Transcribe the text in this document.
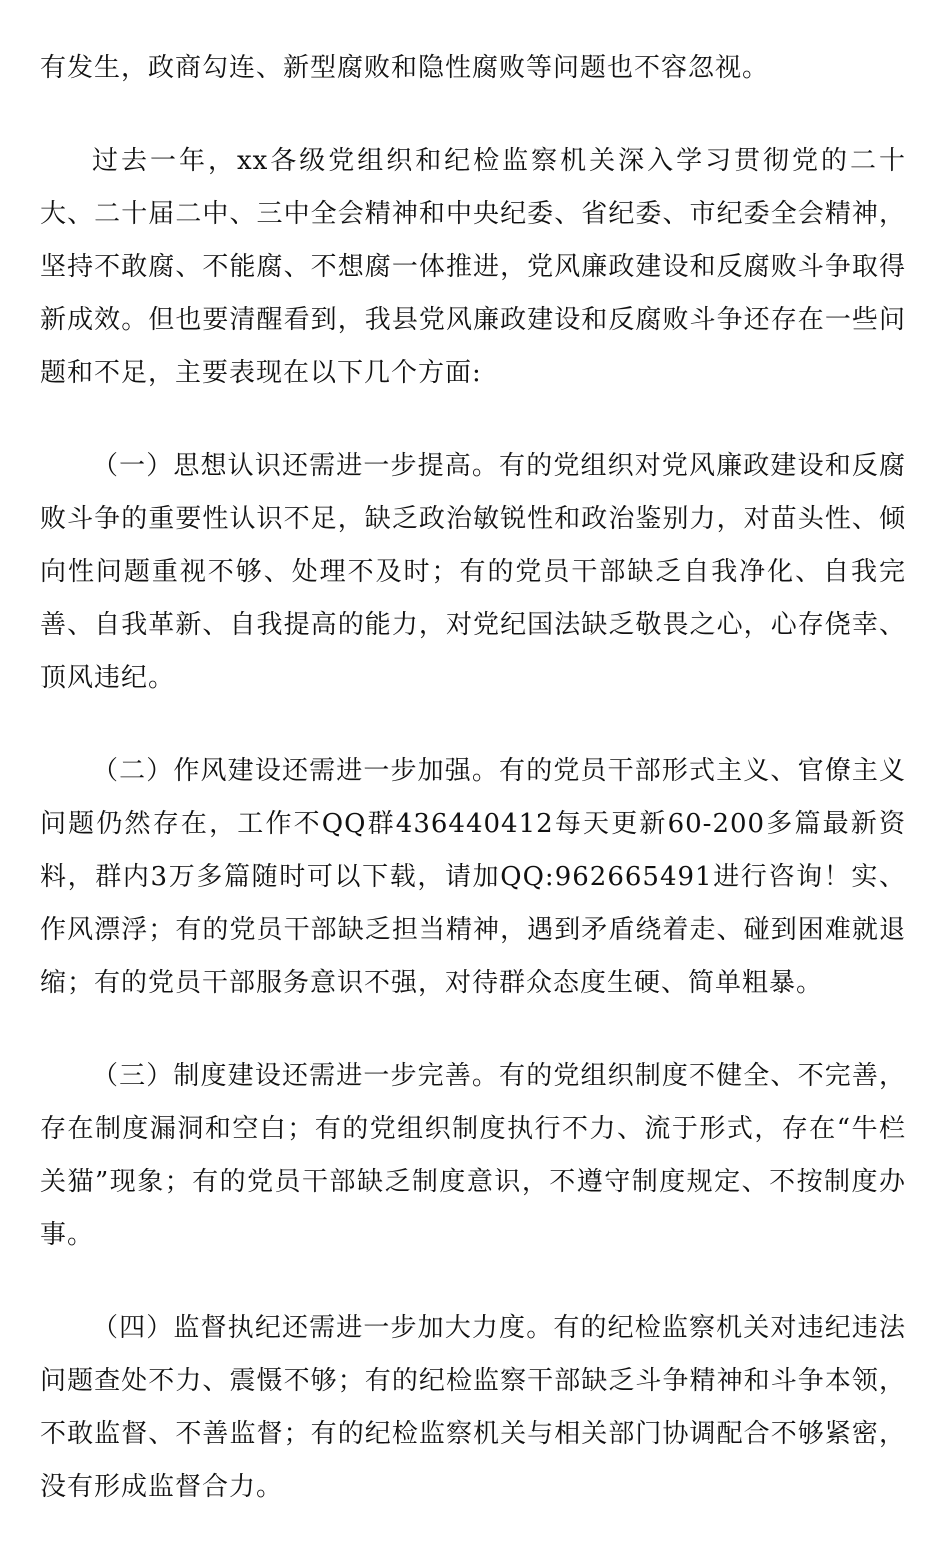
有发生，政商勾连、新型腐败和隐性腐败等问题也不容忽视。

过去一年，xx各级党组织和纪检监察机关深入学习贯彻党的二十大、二十届二中、三中全会精神和中央纪委、省纪委、市纪委全会精神，坚持不敢腐、不能腐、不想腐一体推进，党风廉政建设和反腐败斗争取得新成效。但也要清醒看到，我县党风廉政建设和反腐败斗争还存在一些问题和不足，主要表现在以下几个方面:

（一）思想认识还需进一步提高。有的党组织对党风廉政建设和反腐败斗争的重要性认识不足，缺乏政治敏锐性和政治鉴别力，对苗头性、倾向性问题重视不够、处理不及时；有的党员干部缺乏自我净化、自我完善、自我革新、自我提高的能力，对党纪国法缺乏敬畏之心，心存侥幸、顶风违纪。

（二）作风建设还需进一步加强。有的党员干部形式主义、官僚主义问题仍然存在，工作不QQ群436440412每天更新60-200多篇最新资料，群内3万多篇随时可以下载，请加QQ:962665491进行咨询！实、作风漂浮；有的党员干部缺乏担当精神，遇到矛盾绕着走、碰到困难就退缩；有的党员干部服务意识不强，对待群众态度生硬、简单粗暴。

（三）制度建设还需进一步完善。有的党组织制度不健全、不完善，存在制度漏洞和空白；有的党组织制度执行不力、流于形式，存在“牛栏关猫”现象；有的党员干部缺乏制度意识，不遵守制度规定、不按制度办事。

（四）监督执纪还需进一步加大力度。有的纪检监察机关对违纪违法问题查处不力、震慑不够；有的纪检监察干部缺乏斗争精神和斗争本领，不敢监督、不善监督；有的纪检监察机关与相关部门协调配合不够紧密，没有形成监督合力。
